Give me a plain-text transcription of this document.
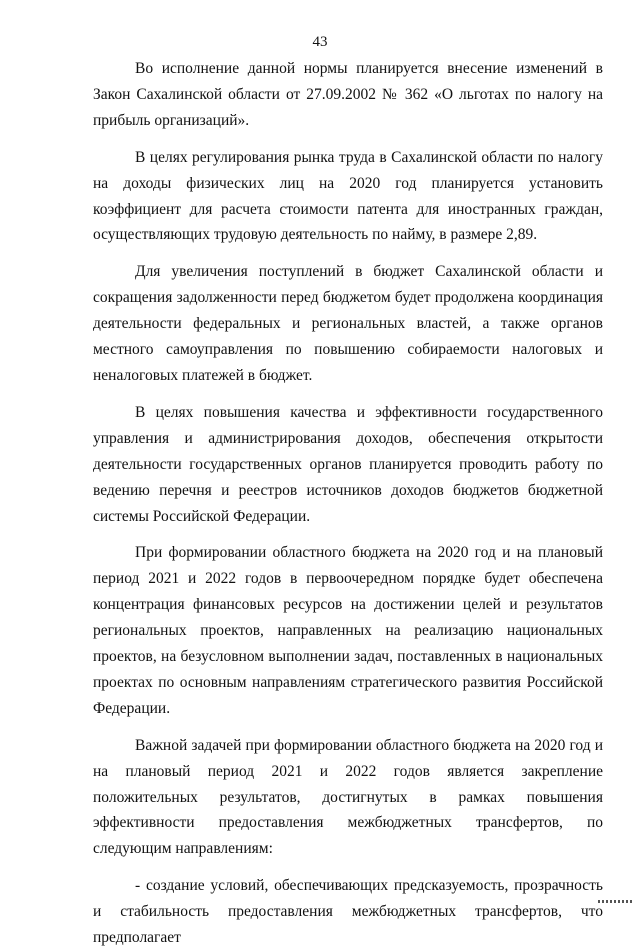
43

Во исполнение данной нормы планируется внесение изменений в Закон Сахалинской области от 27.09.2002 № 362 «О льготах по налогу на прибыль организаций».

В целях регулирования рынка труда в Сахалинской области по налогу на доходы физических лиц на 2020 год планируется установить коэффициент для расчета стоимости патента для иностранных граждан, осуществляющих трудовую деятельность по найму, в размере 2,89.

Для увеличения поступлений в бюджет Сахалинской области и сокращения задолженности перед бюджетом будет продолжена координация деятельности федеральных и региональных властей, а также органов местного самоуправления по повышению собираемости налоговых и неналоговых платежей в бюджет.

В целях повышения качества и эффективности государственного управления и администрирования доходов, обеспечения открытости деятельности государственных органов планируется проводить работу по ведению перечня и реестров источников доходов бюджетов бюджетной системы Российской Федерации.

При формировании областного бюджета на 2020 год и на плановый период 2021 и 2022 годов в первоочередном порядке будет обеспечена концентрация финансовых ресурсов на достижении целей и результатов региональных проектов, направленных на реализацию национальных проектов, на безусловном выполнении задач, поставленных в национальных проектах по основным направлениям стратегического развития Российской Федерации.

Важной задачей при формировании областного бюджета на 2020 год и на плановый период 2021 и 2022 годов является закрепление положительных результатов, достигнутых в рамках повышения эффективности предоставления межбюджетных трансфертов, по следующим направлениям:

- создание условий, обеспечивающих предсказуемость, прозрачность и стабильность предоставления межбюджетных трансфертов, что предполагает
